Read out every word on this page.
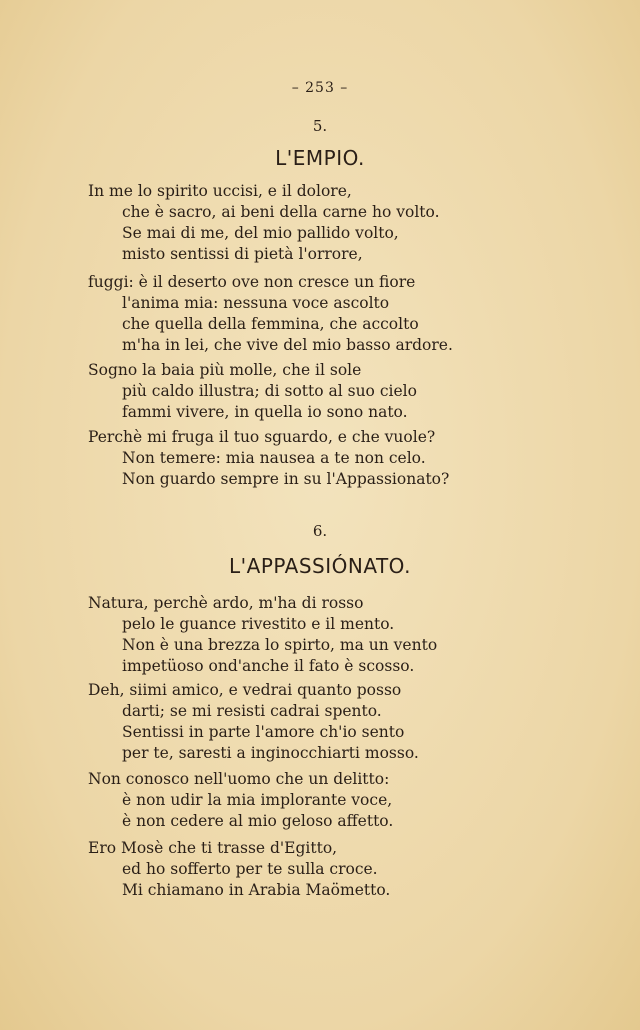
– 253 –
5.
L'EMPIO.
In me lo spirito uccisi, e il dolore,
che è sacro, ai beni della carne ho volto.
Se mai di me, del mio pallido volto,
misto sentissi di pietà l'orrore,
fuggi: è il deserto ove non cresce un fiore
l'anima mia: nessuna voce ascolto
che quella della femmina, che accolto
m'ha in lei, che vive del mio basso ardore.
Sogno la baia più molle, che il sole
più caldo illustra; di sotto al suo cielo
fammi vivere, in quella io sono nato.
Perchè mi fruga il tuo sguardo, e che vuole?
Non temere: mia nausea a te non celo.
Non guardo sempre in su l'Appassionato?
6.
L'APPASSIÓNATO.
Natura, perchè ardo, m'ha di rosso
pelo le guance rivestito e il mento.
Non è una brezza lo spirto, ma un vento
impetüoso ond'anche il fato è scosso.
Deh, siimi amico, e vedrai quanto posso
darti; se mi resisti cadrai spento.
Sentissi in parte l'amore ch'io sento
per te, saresti a inginocchiarti mosso.
Non conosco nell'uomo che un delitto:
è non udir la mia implorante voce,
è non cedere al mio geloso affetto.
Ero Mosè che ti trasse d'Egitto,
ed ho sofferto per te sulla croce.
Mi chiamano in Arabia Maömetto.
